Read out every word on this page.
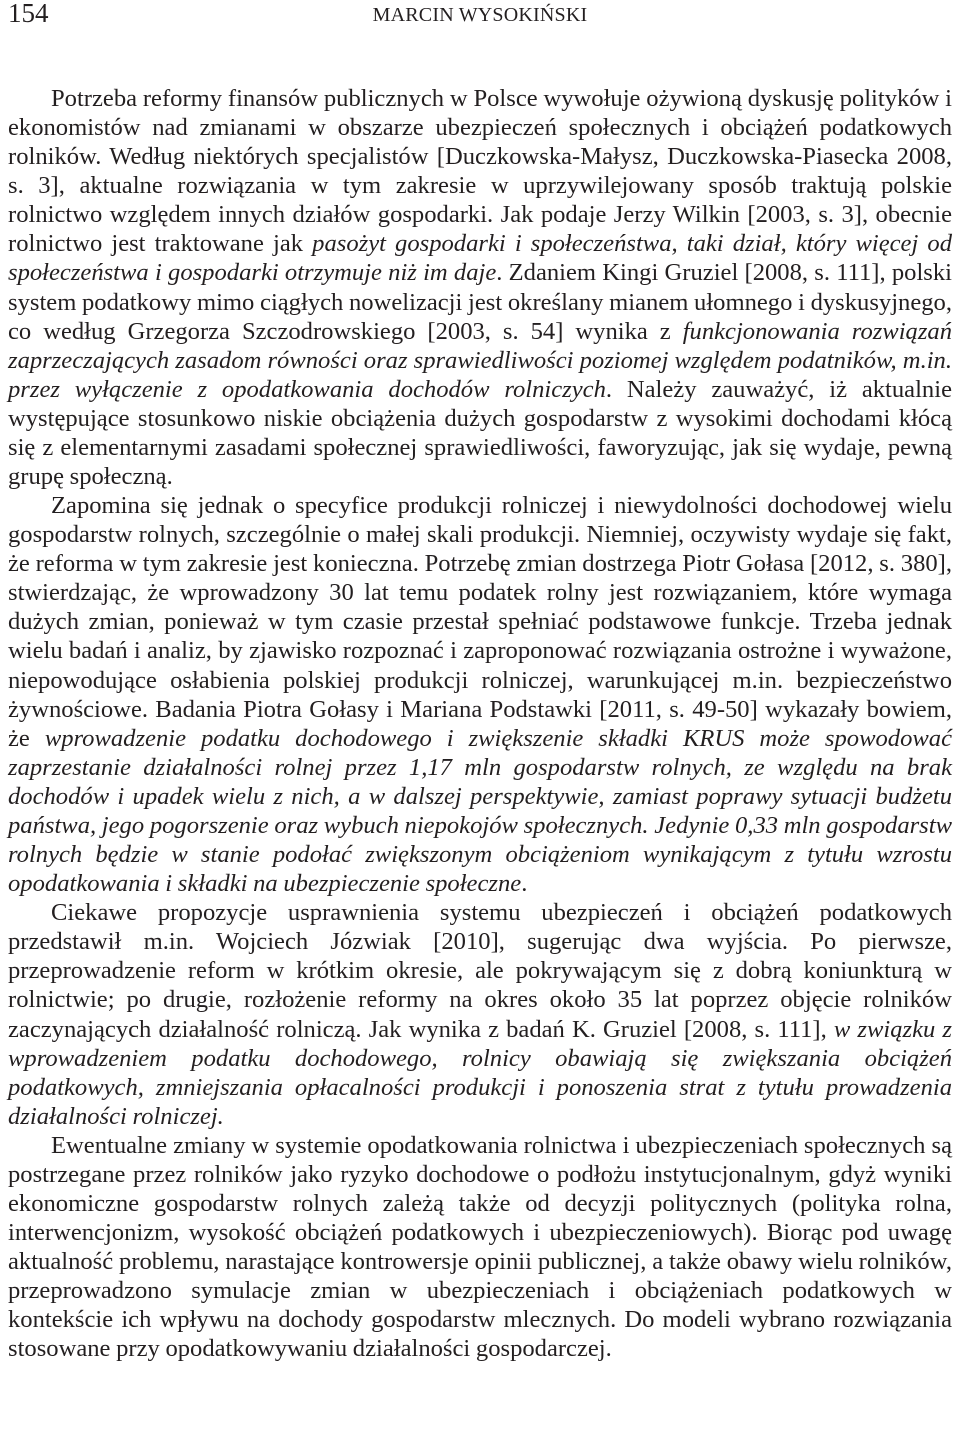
154	MARCIN WYSOKIŃSKI

Potrzeba reformy finansów publicznych w Polsce wywołuje ożywioną dyskusję polityków i ekonomistów nad zmianami w obszarze ubezpieczeń społecznych i obciążeń podatkowych rolników. Według niektórych specjalistów [Duczkowska-Małysz, Duczkowska-Piasecka 2008, s. 3], aktualne rozwiązania w tym zakresie w uprzywilejowany sposób traktują polskie rolnictwo względem innych działów gospodarki. Jak podaje Jerzy Wilkin [2003, s. 3], obecnie rolnictwo jest traktowane jak pasożyt gospodarki i społeczeństwa, taki dział, który więcej od społeczeństwa i gospodarki otrzymuje niż im daje. Zdaniem Kingi Gruziel [2008, s. 111], polski system podatkowy mimo ciągłych nowelizacji jest określany mianem ułomnego i dyskusyjnego, co według Grzegorza Szczodrowskiego [2003, s. 54] wynika z funkcjonowania rozwiązań zaprzeczających zasadom równości oraz sprawiedliwości poziomej względem podatników, m.in. przez wyłączenie z opodatkowania dochodów rolniczych. Należy zauważyć, iż aktualnie występujące stosunkowo niskie obciążenia dużych gospodarstw z wysokimi dochodami kłócą się z elementarnymi zasadami społecznej sprawiedliwości, faworyzując, jak się wydaje, pewną grupę społeczną.

Zapomina się jednak o specyfice produkcji rolniczej i niewydolności dochodowej wielu gospodarstw rolnych, szczególnie o małej skali produkcji. Niemniej, oczywisty wydaje się fakt, że reforma w tym zakresie jest konieczna. Potrzebę zmian dostrzega Piotr Gołasa [2012, s. 380], stwierdzając, że wprowadzony 30 lat temu podatek rolny jest rozwiązaniem, które wymaga dużych zmian, ponieważ w tym czasie przestał spełniać podstawowe funkcje. Trzeba jednak wielu badań i analiz, by zjawisko rozpoznać i zaproponować rozwiązania ostrożne i wyważone, niepowodujące osłabienia polskiej produkcji rolniczej, warunkującej m.in. bezpieczeństwo żywnościowe. Badania Piotra Gołasy i Mariana Podstawki [2011, s. 49-50] wykazały bowiem, że wprowadzenie podatku dochodowego i zwiększenie składki KRUS może spowodować zaprzestanie działalności rolnej przez 1,17 mln gospodarstw rolnych, ze względu na brak dochodów i upadek wielu z nich, a w dalszej perspektywie, zamiast poprawy sytuacji budżetu państwa, jego pogorszenie oraz wybuch niepokojów społecznych. Jedynie 0,33 mln gospodarstw rolnych będzie w stanie podołać zwiększonym obciążeniom wynikającym z tytułu wzrostu opodatkowania i składki na ubezpieczenie społeczne.

Ciekawe propozycje usprawnienia systemu ubezpieczeń i obciążeń podatkowych przedstawił m.in. Wojciech Józwiak [2010], sugerując dwa wyjścia. Po pierwsze, przeprowadzenie reform w krótkim okresie, ale pokrywającym się z dobrą koniunkturą w rolnictwie; po drugie, rozłożenie reformy na okres około 35 lat poprzez objęcie rolników zaczynających działalność rolniczą. Jak wynika z badań K. Gruziel [2008, s. 111], w związku z wprowadzeniem podatku dochodowego, rolnicy obawiają się zwiększania obciążeń podatkowych, zmniejszania opłacalności produkcji i ponoszenia strat z tytułu prowadzenia działalności rolniczej.

Ewentualne zmiany w systemie opodatkowania rolnictwa i ubezpieczeniach społecznych są postrzegane przez rolników jako ryzyko dochodowe o podłożu instytucjonalnym, gdyż wyniki ekonomiczne gospodarstw rolnych zależą także od decyzji politycznych (polityka rolna, interwencjonizm, wysokość obciążeń podatkowych i ubezpieczeniowych). Biorąc pod uwagę aktualność problemu, narastające kontrowersje opinii publicznej, a także obawy wielu rolników, przeprowadzono symulacje zmian w ubezpieczeniach i obciążeniach podatkowych w kontekście ich wpływu na dochody gospodarstw mlecznych. Do modeli wybrano rozwiązania stosowane przy opodatkowywaniu działalności gospodarczej.
